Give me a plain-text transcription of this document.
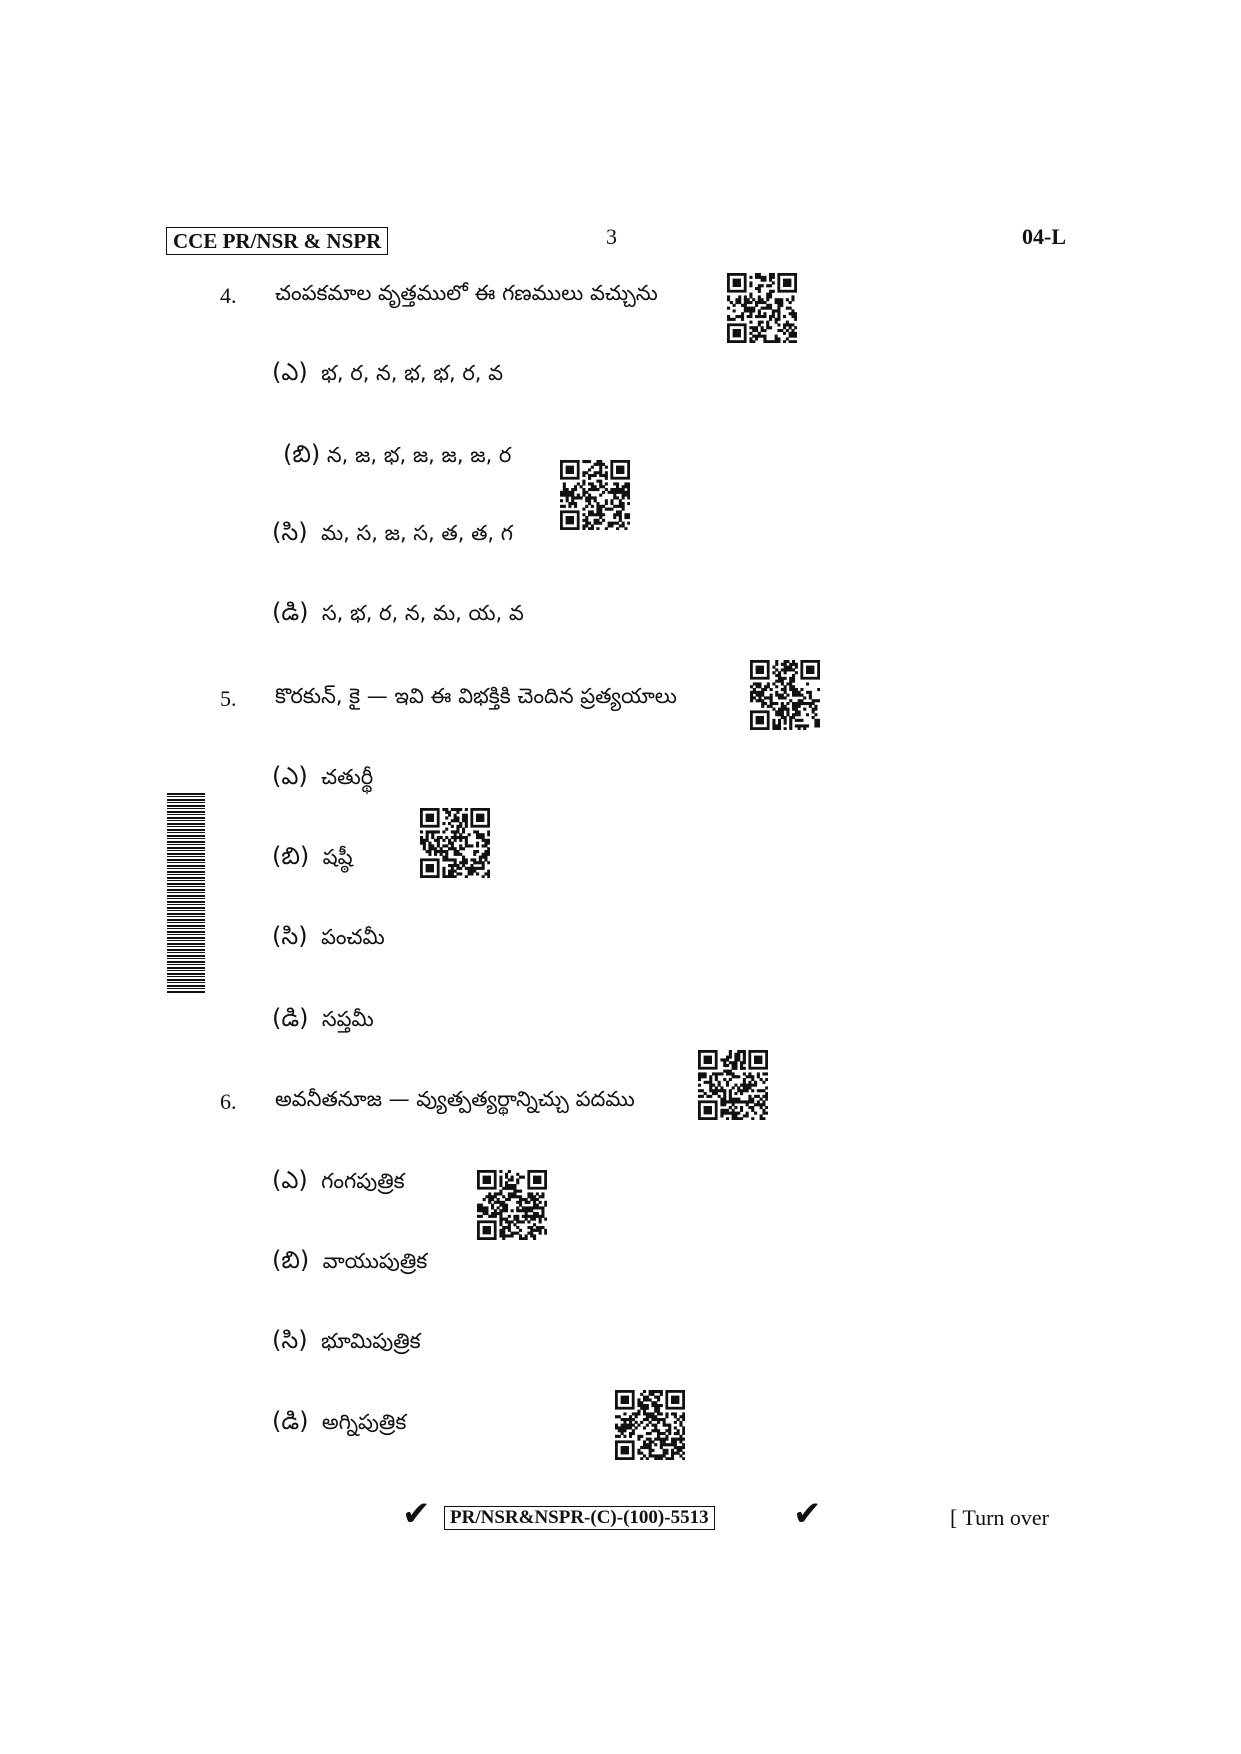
CCE PR/NSR & NSPR	3	04-L
4. చంపకమాల వృత్తములో ఈ గణములు వచ్చును
(ఎ) భ, ర, న, భ, భ, ర, వ
(బి) న, జ, భ, జ, జ, జ, ర
(సి) మ, స, జ, స, త, త, గ
(డి) స, భ, ర, న, మ, య, వ
5. కొరకున్, కై — ఇవి ఈ విభక్తికి చెందిన ప్రత్యయాలు
(ఎ) చతుర్థీ
(బి) షష్ఠీ
(సి) పంచమీ
(డి) సప్తమీ
6. అవనీతనూజ — వ్యుత్పత్యర్థాన్నిచ్చు పదము
(ఎ) గంగపుత్రిక
(బి) వాయుపుత్రిక
(సి) భూమిపుత్రిక
(డి) అగ్నిపుత్రిక
✔	PR/NSR&NSPR-(C)-(100)-5513 ✔	[ Turn over
